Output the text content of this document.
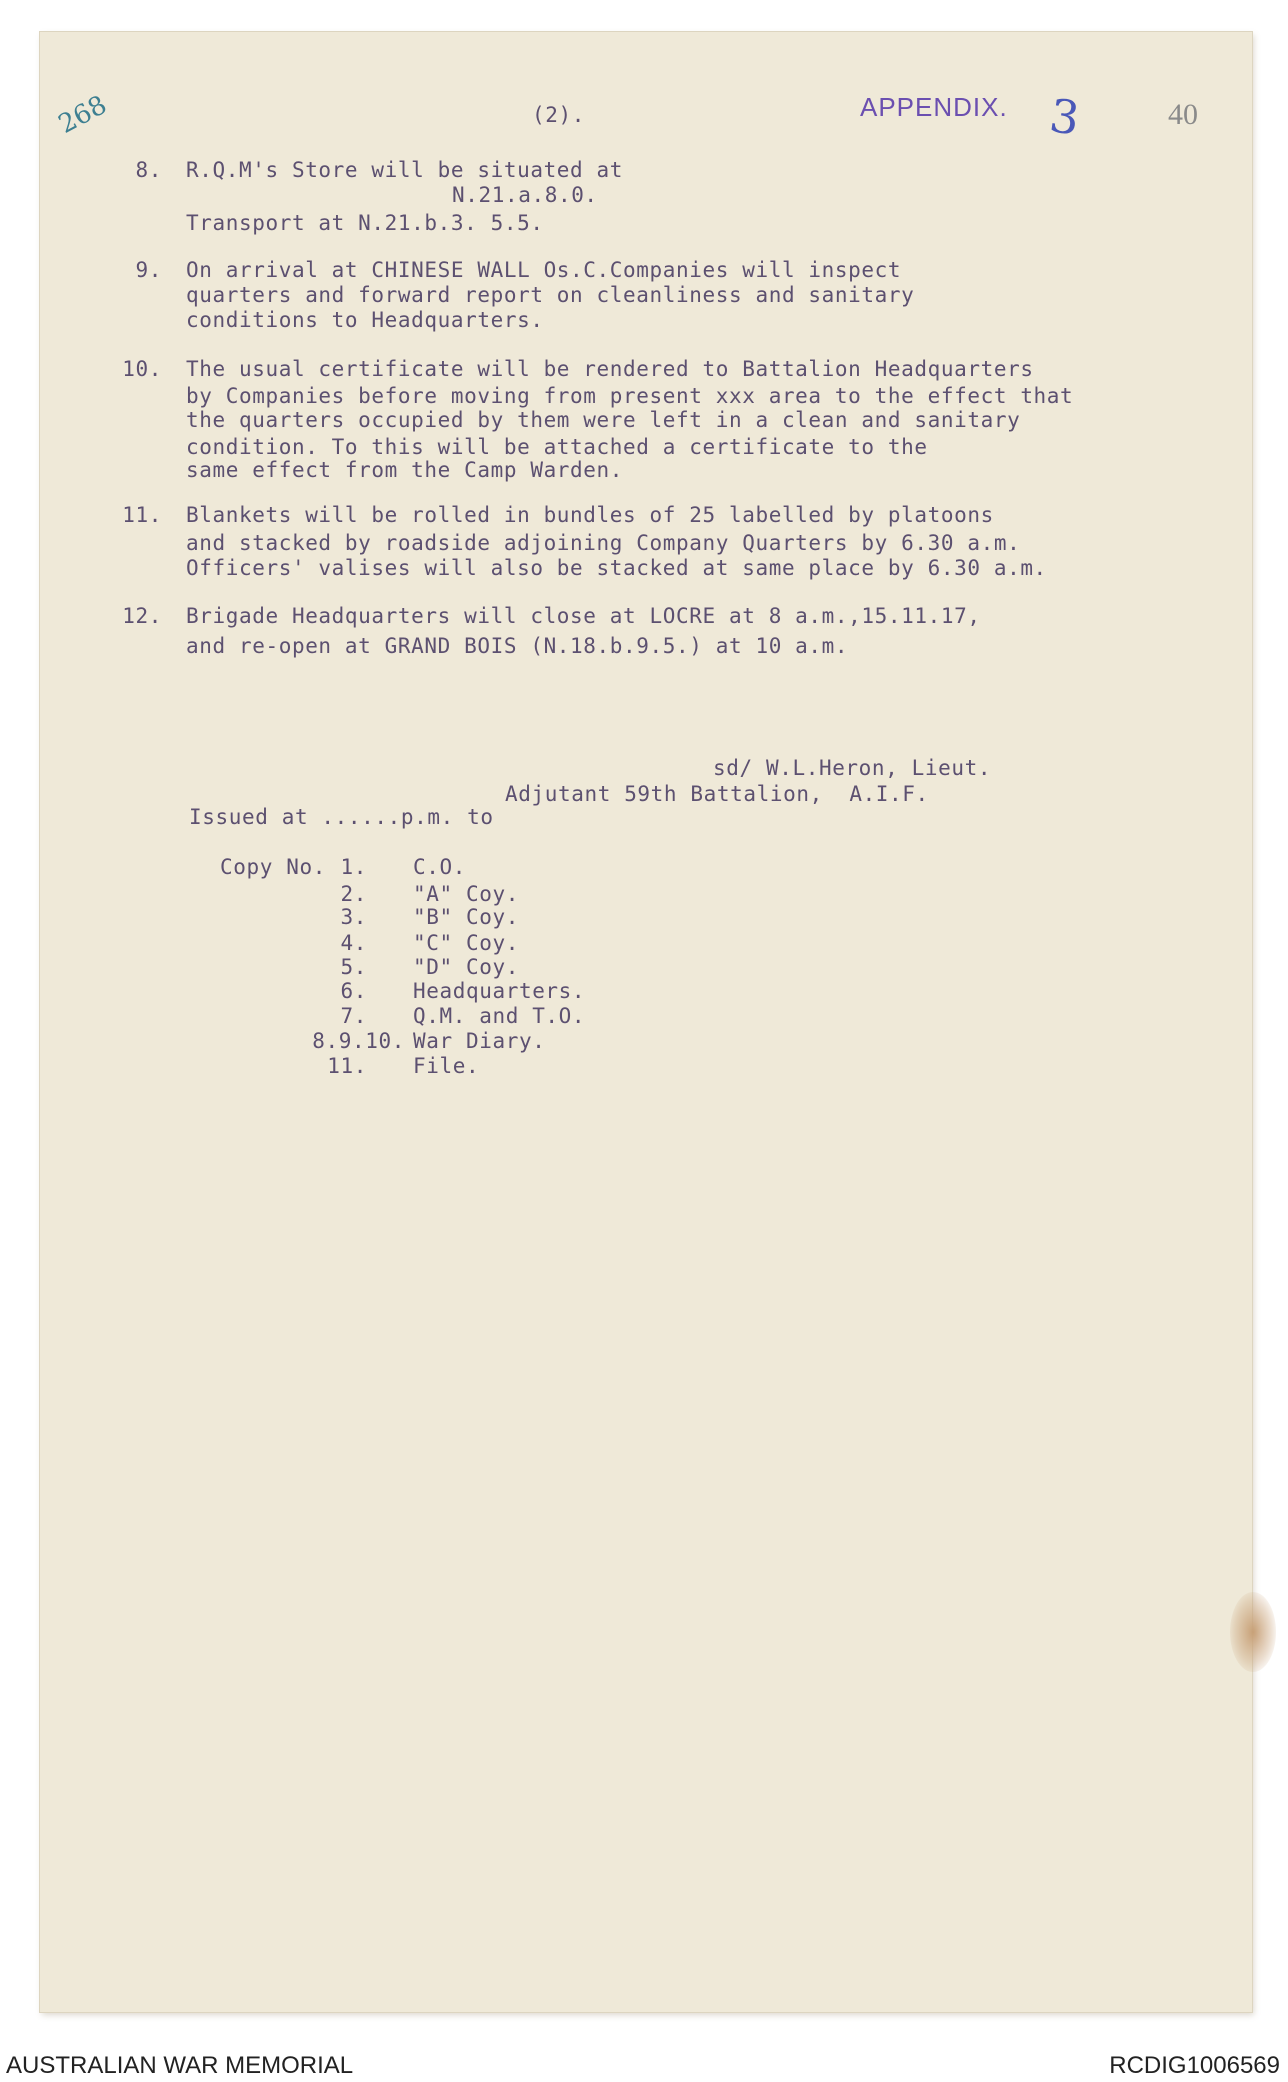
268	(2).	APPENDIX. 3	40
8. R.Q.M's Store will be situated at
N.21.a.8.0.
Transport at N.21.b.3. 5.5.
9. On arrival at CHINESE WALL Os.C.Companies will inspect
quarters and forward report on cleanliness and sanitary
conditions to Headquarters.
10. The usual certificate will be rendered to Battalion Headquarters
by Companies before moving from present xxx area to the effect that
the quarters occupied by them were left in a clean and sanitary
condition. To this will be attached a certificate to the
same effect from the Camp Warden.
11. Blankets will be rolled in bundles of 25 labelled by platoons
and stacked by roadside adjoining Company Quarters by 6.30 a.m.
Officers' valises will also be stacked at same place by 6.30 a.m.
12. Brigade Headquarters will close at LOCRE at 8 a.m.,15.11.17,
and re-open at GRAND BOIS (N.18.b.9.5.) at 10 a.m.
sd/ W.L.Heron, Lieut.
Adjutant 59th Battalion,  A.I.F.
Issued at ......p.m. to
Copy No. 1. C.O.
2. "A" Coy.
3. "B" Coy.
4. "C" Coy.
5. "D" Coy.
6. Headquarters.
7. Q.M. and T.O.
8.9.10. War Diary.
11. File.
AUSTRALIAN WAR MEMORIAL	RCDIG1006569
